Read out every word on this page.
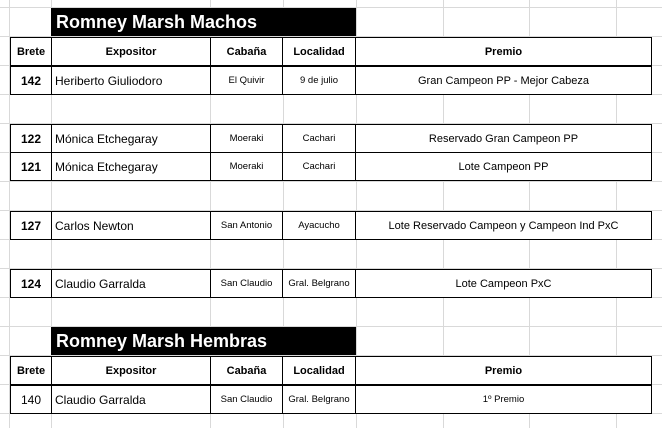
Romney Marsh Machos
Brete	Expositor	Cabaña	Localidad	Premio
142	Heriberto Giuliodoro	El Quivir	9 de julio	Gran Campeon PP - Mejor Cabeza
122	Mónica Etchegaray	Moeraki	Cachari	Reservado Gran Campeon PP
121	Mónica Etchegaray	Moeraki	Cachari	Lote Campeon PP
127	Carlos Newton	San Antonio	Ayacucho	Lote Reservado Campeon y Campeon Ind PxC
124	Claudio Garralda	San Claudio	Gral. Belgrano	Lote Campeon PxC
Romney Marsh Hembras
Brete	Expositor	Cabaña	Localidad	Premio
140	Claudio Garralda	San Claudio	Gral. Belgrano	1º Premio
